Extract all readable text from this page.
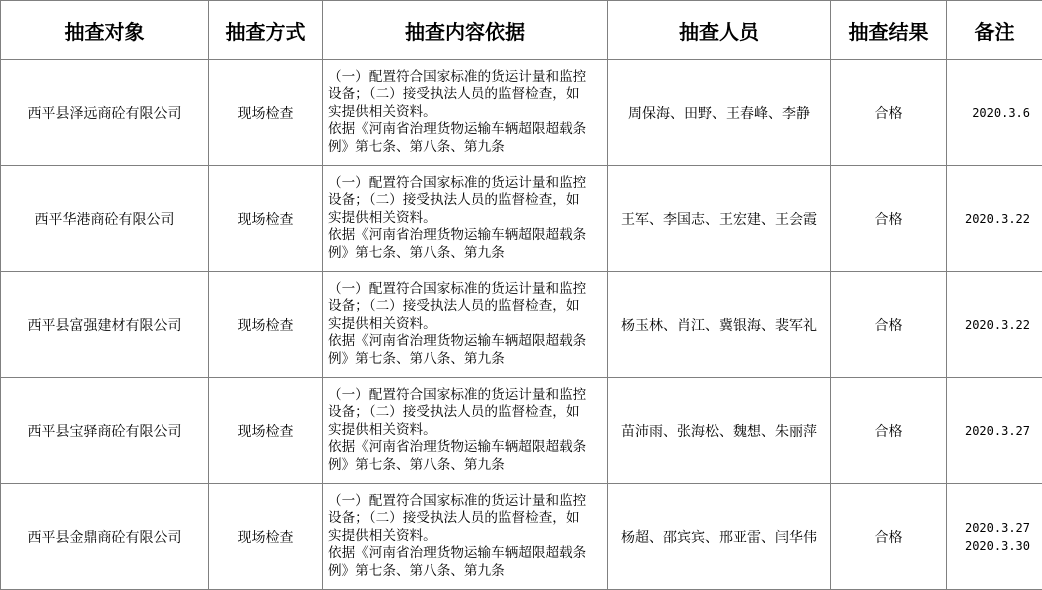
抽查对象	抽查方式	抽查内容依据	抽查人员	抽查结果	备注
西平县泽远商砼有限公司	现场检查	（一）配置符合国家标准的货运计量和监控
设备；（二）接受执法人员的监督检查，如
实提供相关资料。
依据《河南省治理货物运输车辆超限超载条
例》第七条、第八条、第九条	周保海、田野、王春峰、李静	合格	2020.3.6

西平华港商砼有限公司	现场检查	（一）配置符合国家标准的货运计量和监控
设备；（二）接受执法人员的监督检查，如
实提供相关资料。
依据《河南省治理货物运输车辆超限超载条
例》第七条、第八条、第九条	王军、李国志、王宏建、王会霞	合格	2020.3.22

西平县富强建材有限公司	现场检查	（一）配置符合国家标准的货运计量和监控
设备；（二）接受执法人员的监督检查，如
实提供相关资料。
依据《河南省治理货物运输车辆超限超载条
例》第七条、第八条、第九条	杨玉林、肖江、冀银海、裴军礼	合格	2020.3.22

西平县宝驿商砼有限公司	现场检查	（一）配置符合国家标准的货运计量和监控
设备；（二）接受执法人员的监督检查，如
实提供相关资料。
依据《河南省治理货物运输车辆超限超载条
例》第七条、第八条、第九条	苗沛雨、张海松、魏想、朱丽萍	合格	2020.3.27

西平县金鼎商砼有限公司	现场检查	（一）配置符合国家标准的货运计量和监控
设备；（二）接受执法人员的监督检查，如
实提供相关资料。
依据《河南省治理货物运输车辆超限超载条
例》第七条、第八条、第九条	杨超、邵宾宾、邢亚雷、闫华伟	合格	2020.3.27
2020.3.30
